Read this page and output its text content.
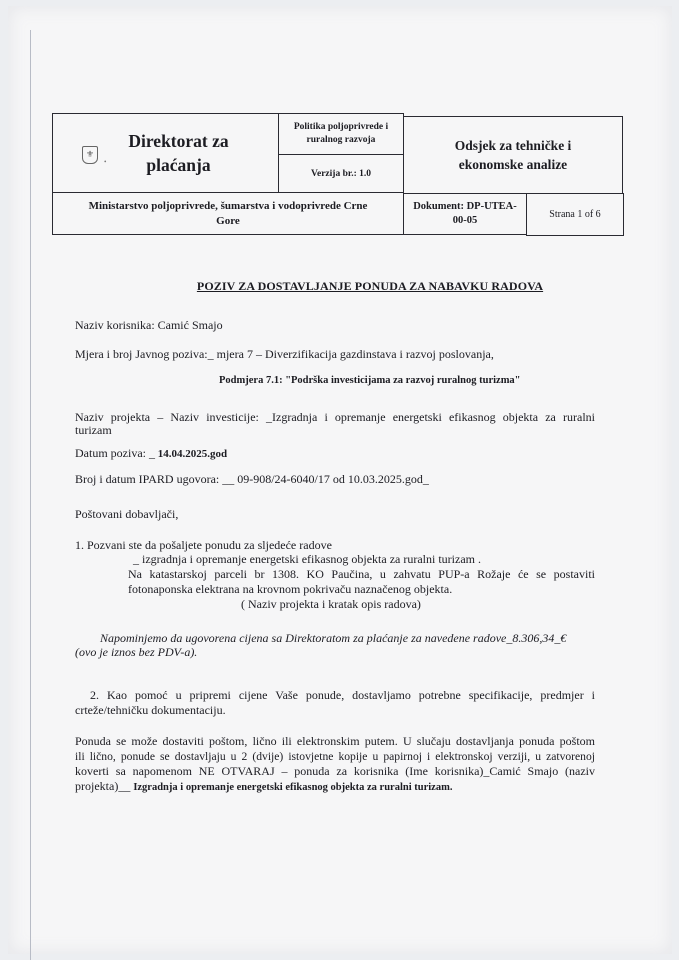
Direktorat za
plaćanja
Politika poljoprivrede i
ruralnog razvoja
Verzija br.: 1.0
Odsjek za tehničke i
ekonomske analize
Ministarstvo poljoprivrede, šumarstva i vodoprivrede Crne
Gore
Dokument: DP-UTEA-
00-05
Strana 1 of 6
⚜
•
POZIV ZA DOSTAVLJANJE PONUDA ZA NABAVKU RADOVA
Naziv korisnika: Camić Smajo
Mjera i broj Javnog poziva:_ mjera 7 – Diverzifikacija gazdinstava i razvoj poslovanja,
Podmjera 7.1: "Podrška investicijama za razvoj ruralnog turizma"
Naziv projekta – Naziv investicije: _Izgradnja i opremanje energetski efikasnog objekta za ruralni
turizam
Datum poziva: _ 14.04.2025.god
Broj i datum IPARD ugovora: __ 09-908/24-6040/17 od 10.03.2025.god_
Poštovani dobavljači,
1. Pozvani ste da pošaljete ponudu za sljedeće radove
_ izgradnja i opremanje energetski efikasnog objekta za ruralni turizam .
Na katastarskoj parceli br 1308. KO Paučina, u zahvatu PUP-a Rožaje će se postaviti
fotonaponska elektrana na krovnom pokrivaču naznačenog objekta.
( Naziv projekta i kratak opis radova)
Napominjemo da ugovorena cijena sa Direktoratom za plaćanje za navedene radove_8.306,34_€
(ovo je iznos bez PDV-a).
2. Kao pomoć u pripremi cijene Vaše ponude, dostavljamo potrebne specifikacije, predmjer i
crteže/tehničku dokumentaciju.
Ponuda se može dostaviti poštom, lično ili elektronskim putem. U slučaju dostavljanja ponuda poštom
ili lično, ponude se dostavljaju u 2 (dvije) istovjetne kopije u papirnoj i elektronskoj verziji, u zatvorenoj
koverti sa napomenom NE OTVARAJ – ponuda za korisnika (Ime korisnika)_Camić Smajo (naziv
projekta)__ Izgradnja i opremanje energetski efikasnog objekta za ruralni turizam.
